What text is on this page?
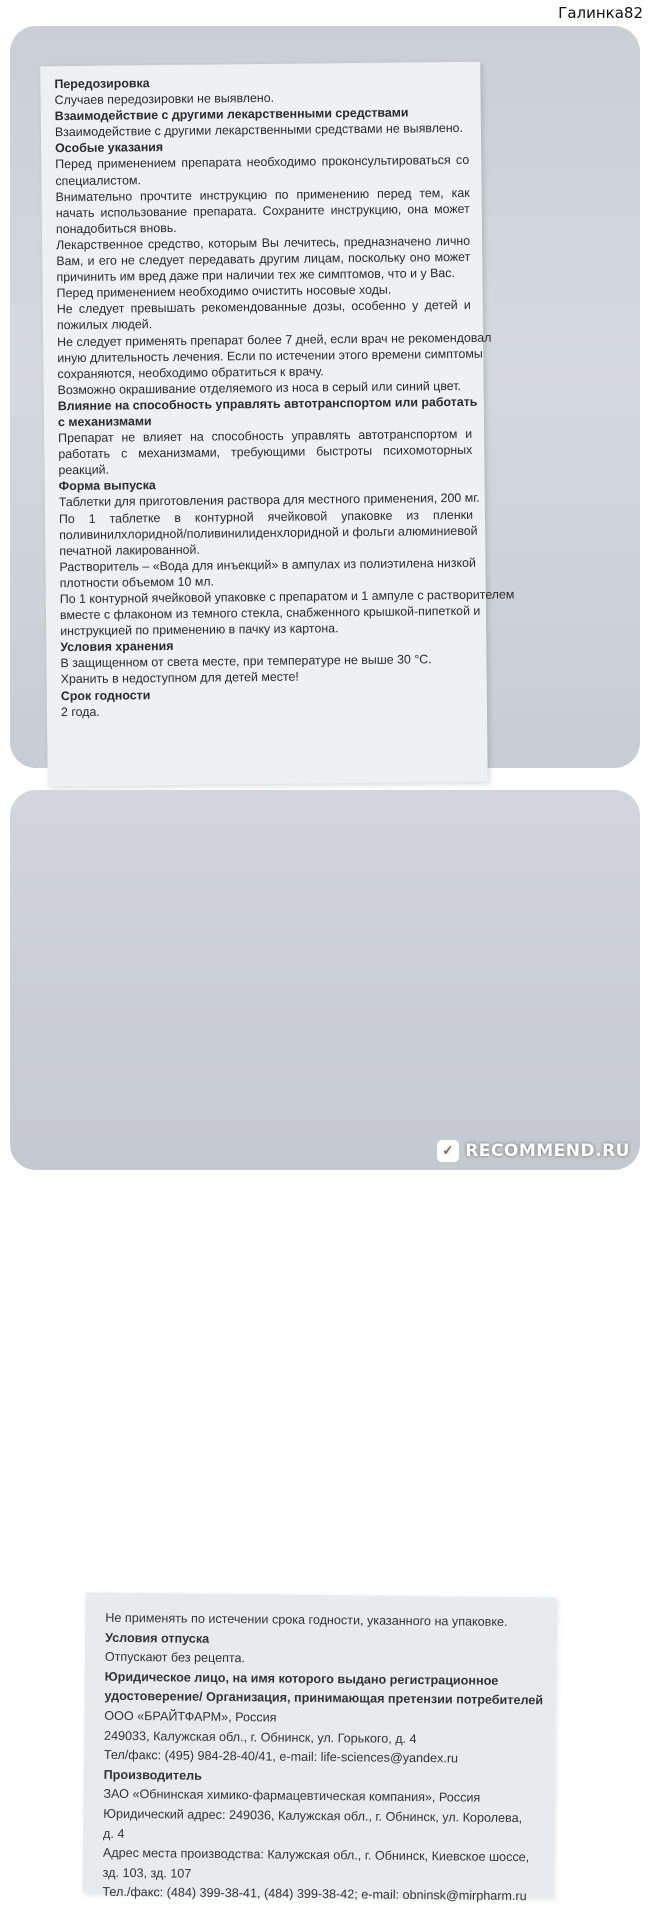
Галинка82

Передозировка

Случаев передозировки не выявлено.

Взаимодействие с другими лекарственными средствами

Взаимодействие с другими лекарственными средствами не выявлено.

Особые указания

Перед применением препарата необходимо проконсультироваться со

специалистом.

Внимательно прочтите инструкцию по применению перед тем, как

начать использование препарата. Сохраните инструкцию, она может

понадобиться вновь.

Лекарственное средство, которым Вы лечитесь, предназначено лично

Вам, и его не следует передавать другим лицам, поскольку оно может

причинить им вред даже при наличии тех же симптомов, что и у Вас.

Перед применением необходимо очистить носовые ходы.

Не следует превышать рекомендованные дозы, особенно у детей и

пожилых людей.

Не следует применять препарат более 7 дней, если врач не рекомендовал

иную длительность лечения. Если по истечении этого времени симптомы

сохраняются, необходимо обратиться к врачу.

Возможно окрашивание отделяемого из носа в серый или синий цвет.

Влияние на способность управлять автотранспортом или работать

с механизмами

Препарат не влияет на способность управлять автотранспортом и

работать с механизмами, требующими быстроты психомоторных

реакций.

Форма выпуска

Таблетки для приготовления раствора для местного применения, 200 мг.

По 1 таблетке в контурной ячейковой упаковке из пленки

поливинилхлоридной/поливинилиденхлоридной и фольги алюминиевой

печатной лакированной.

Растворитель – «Вода для инъекций» в ампулах из полиэтилена низкой

плотности объемом 10 мл.

По 1 контурной ячейковой упаковке с препаратом и 1 ампуле с растворителем

вместе с флаконом из темного стекла, снабженного крышкой-пипеткой и

инструкцией по применению в пачку из картона.

Условия хранения

В защищенном от света месте, при температуре не выше 30 °С.

Хранить в недоступном для детей месте!

Срок годности

2 года.

Не применять по истечении срока годности, указанного на упаковке.

Условия отпуска

Отпускают без рецепта.

Юридическое лицо, на имя которого выдано регистрационное

удостоверение/ Организация, принимающая претензии потребителей

ООО «БРАЙТФАРМ», Россия

249033, Калужская обл., г. Обнинск, ул. Горького, д. 4

Тел/факс: (495) 984-28-40/41, e-mail: life-sciences@yandex.ru

Производитель

ЗАО «Обнинская химико-фармацевтическая компания», Россия

Юридический адрес: 249036, Калужская обл., г. Обнинск, ул. Королева,

д. 4

Адрес места производства: Калужская обл., г. Обнинск, Киевское шоссе,

зд. 103, зд. 107

Тел./факс: (484) 399-38-41, (484) 399-38-42; e-mail: obninsk@mirpharm.ru

✓ RECOMMEND.RU
